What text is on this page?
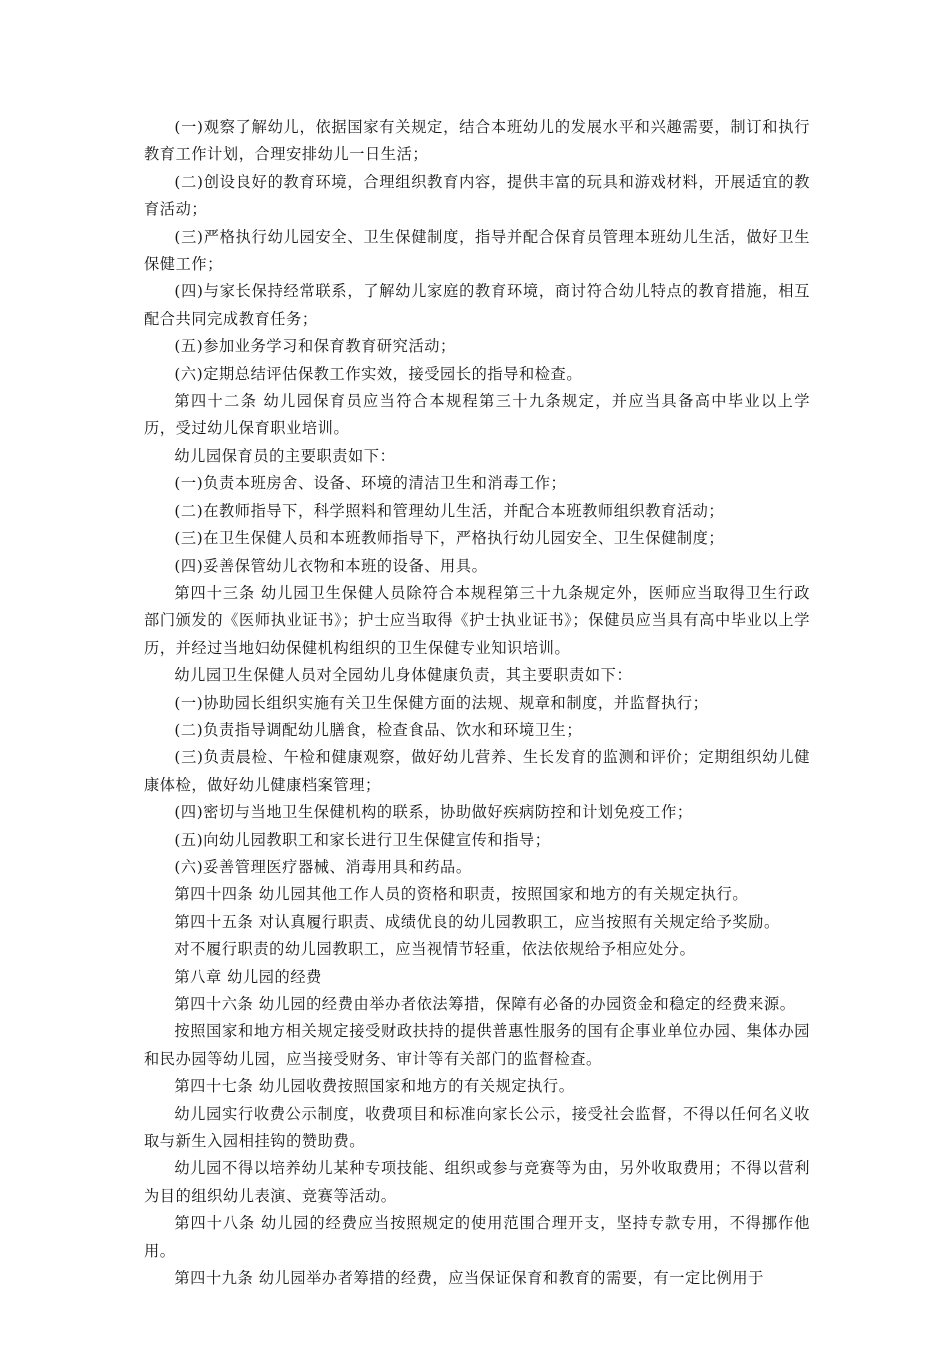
(一)观察了解幼儿，依据国家有关规定，结合本班幼儿的发展水平和兴趣需要，制订和执行教育工作计划，合理安排幼儿一日生活；

(二)创设良好的教育环境，合理组织教育内容，提供丰富的玩具和游戏材料，开展适宜的教育活动；

(三)严格执行幼儿园安全、卫生保健制度，指导并配合保育员管理本班幼儿生活，做好卫生保健工作；

(四)与家长保持经常联系，了解幼儿家庭的教育环境，商讨符合幼儿特点的教育措施，相互配合共同完成教育任务；

(五)参加业务学习和保育教育研究活动；

(六)定期总结评估保教工作实效，接受园长的指导和检查。

第四十二条 幼儿园保育员应当符合本规程第三十九条规定，并应当具备高中毕业以上学历，受过幼儿保育职业培训。

幼儿园保育员的主要职责如下：

(一)负责本班房舍、设备、环境的清洁卫生和消毒工作；

(二)在教师指导下，科学照料和管理幼儿生活，并配合本班教师组织教育活动；

(三)在卫生保健人员和本班教师指导下，严格执行幼儿园安全、卫生保健制度；

(四)妥善保管幼儿衣物和本班的设备、用具。

第四十三条 幼儿园卫生保健人员除符合本规程第三十九条规定外，医师应当取得卫生行政部门颁发的《医师执业证书》；护士应当取得《护士执业证书》；保健员应当具有高中毕业以上学历，并经过当地妇幼保健机构组织的卫生保健专业知识培训。

幼儿园卫生保健人员对全园幼儿身体健康负责，其主要职责如下：

(一)协助园长组织实施有关卫生保健方面的法规、规章和制度，并监督执行；

(二)负责指导调配幼儿膳食，检查食品、饮水和环境卫生；

(三)负责晨检、午检和健康观察，做好幼儿营养、生长发育的监测和评价；定期组织幼儿健康体检，做好幼儿健康档案管理；

(四)密切与当地卫生保健机构的联系，协助做好疾病防控和计划免疫工作；

(五)向幼儿园教职工和家长进行卫生保健宣传和指导；

(六)妥善管理医疗器械、消毒用具和药品。

第四十四条 幼儿园其他工作人员的资格和职责，按照国家和地方的有关规定执行。

第四十五条 对认真履行职责、成绩优良的幼儿园教职工，应当按照有关规定给予奖励。

对不履行职责的幼儿园教职工，应当视情节轻重，依法依规给予相应处分。

第八章 幼儿园的经费

第四十六条 幼儿园的经费由举办者依法筹措，保障有必备的办园资金和稳定的经费来源。

按照国家和地方相关规定接受财政扶持的提供普惠性服务的国有企事业单位办园、集体办园和民办园等幼儿园，应当接受财务、审计等有关部门的监督检查。

第四十七条 幼儿园收费按照国家和地方的有关规定执行。

幼儿园实行收费公示制度，收费项目和标准向家长公示，接受社会监督，不得以任何名义收取与新生入园相挂钩的赞助费。

幼儿园不得以培养幼儿某种专项技能、组织或参与竞赛等为由，另外收取费用；不得以营利为目的组织幼儿表演、竞赛等活动。

第四十八条 幼儿园的经费应当按照规定的使用范围合理开支，坚持专款专用，不得挪作他用。

第四十九条 幼儿园举办者筹措的经费，应当保证保育和教育的需要，有一定比例用于
